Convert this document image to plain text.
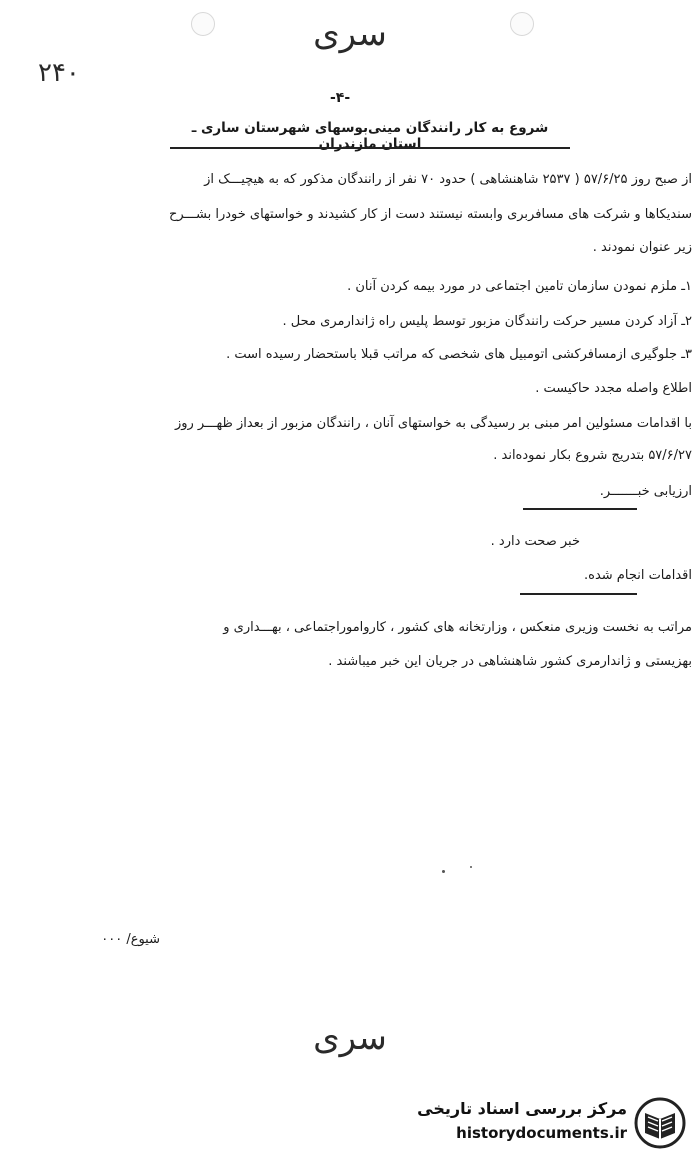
سری
۲۴۰
-۴-
شروع به کار رانندگان مینی‌بوسهای شهرستان ساری ـ استان مازندران
از صبح روز ۵۷/۶/۲۵ ( ۲۵۳۷ شاهنشاهی ) حدود ۷۰ نفر از رانندگان مذکور که به هیچیـــک از
سندیکاها و شرکت های مسافربری وابسته نیستند دست از کار کشیدند و خواستهای خودرا بشـــرح
زیر عنوان نمودند .
۱ـ ملزم نمودن سازمان تامین اجتماعی در مورد بیمه کردن آنان .
۲ـ آزاد کردن مسیر حرکت رانندگان مزبور توسط پلیس راه ژاندارمری محل .
۳ـ جلوگیری ازمسافرکشی اتومبیل های شخصی که مراتب قبلا باستحضار رسیده است .
اطلاع واصله مجدد حاکیست .
با اقدامات مسئولین امر مبنی بر رسیدگی به خواستهای آنان ، رانندگان مزبور از بعداز ظهـــر روز
۵۷/۶/۲۷ بتدریج شروع بکار نموده‌اند .
ارزیابی خبـــــــر.
خبر صحت دارد .
اقدامات انجام شده.
مراتب به نخست وزیری منعکس ، وزارتخانه های کشور ، کاروامور‌اجتماعی ، بهـــداری و
بهزیستی و ژاندارمری کشور شاهنشاهی در جریان این خبر میباشند .
شیوع/ ۰۰۰
سری
مرکز بررسی اسناد تاریخی
historydocuments.ir
